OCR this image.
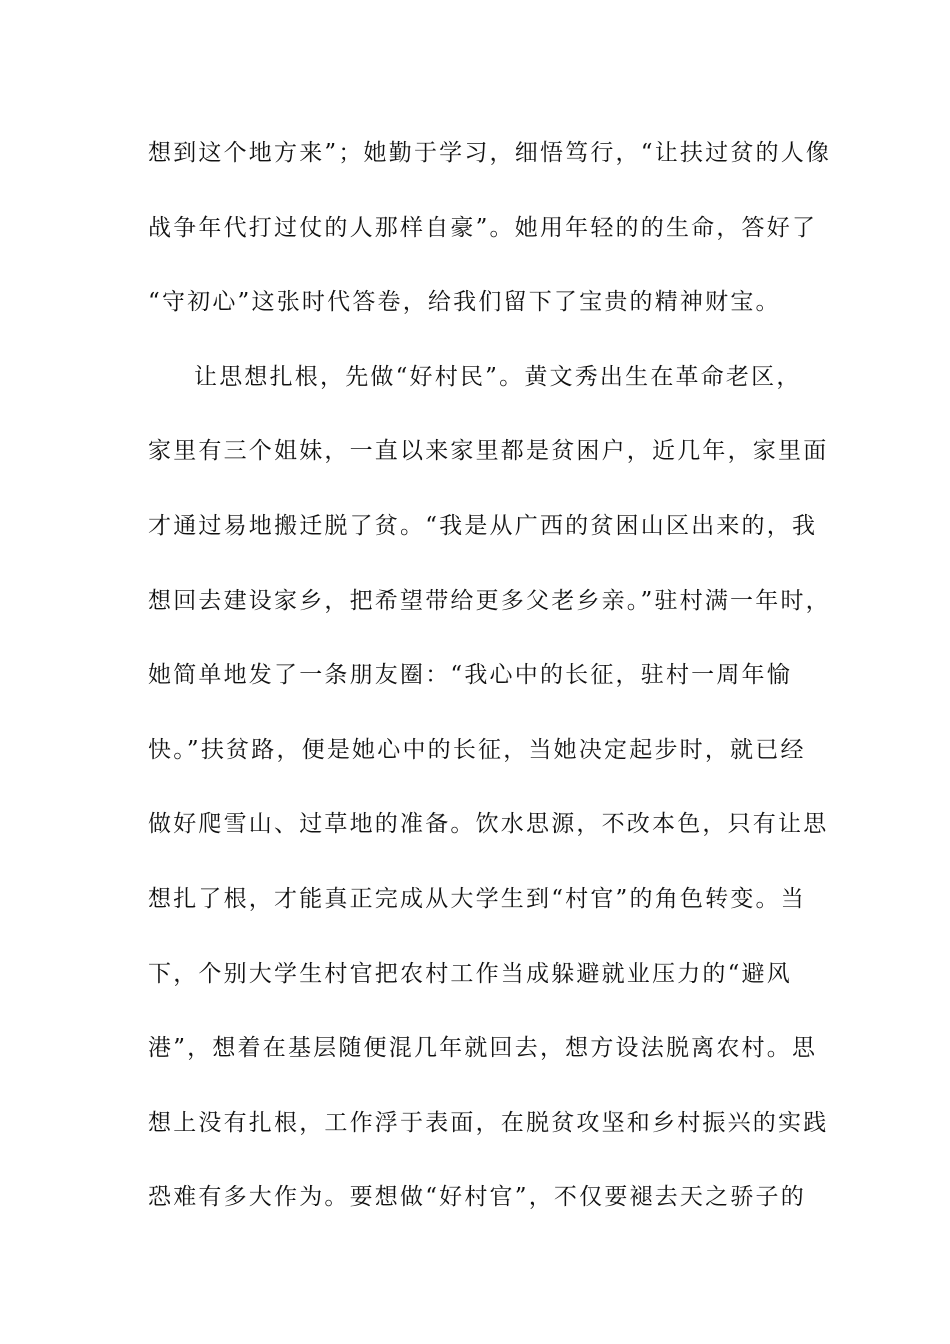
想到这个地方来”；她勤于学习，细悟笃行，“让扶过贫的人像
战争年代打过仗的人那样自豪”。她用年轻的的生命，答好了
“守初心”这张时代答卷，给我们留下了宝贵的精神财宝。
让思想扎根，先做“好村民”。黄文秀出生在革命老区，
家里有三个姐妹，一直以来家里都是贫困户，近几年，家里面
才通过易地搬迁脱了贫。“我是从广西的贫困山区出来的，我
想回去建设家乡，把希望带给更多父老乡亲。”驻村满一年时，
她简单地发了一条朋友圈：“我心中的长征，驻村一周年愉
快。”扶贫路，便是她心中的长征，当她决定起步时，就已经
做好爬雪山、过草地的准备。饮水思源，不改本色，只有让思
想扎了根，才能真正完成从大学生到“村官”的角色转变。当
下，个别大学生村官把农村工作当成躲避就业压力的“避风
港”，想着在基层随便混几年就回去，想方设法脱离农村。思
想上没有扎根，工作浮于表面，在脱贫攻坚和乡村振兴的实践
恐难有多大作为。要想做“好村官”，不仅要褪去天之骄子的
